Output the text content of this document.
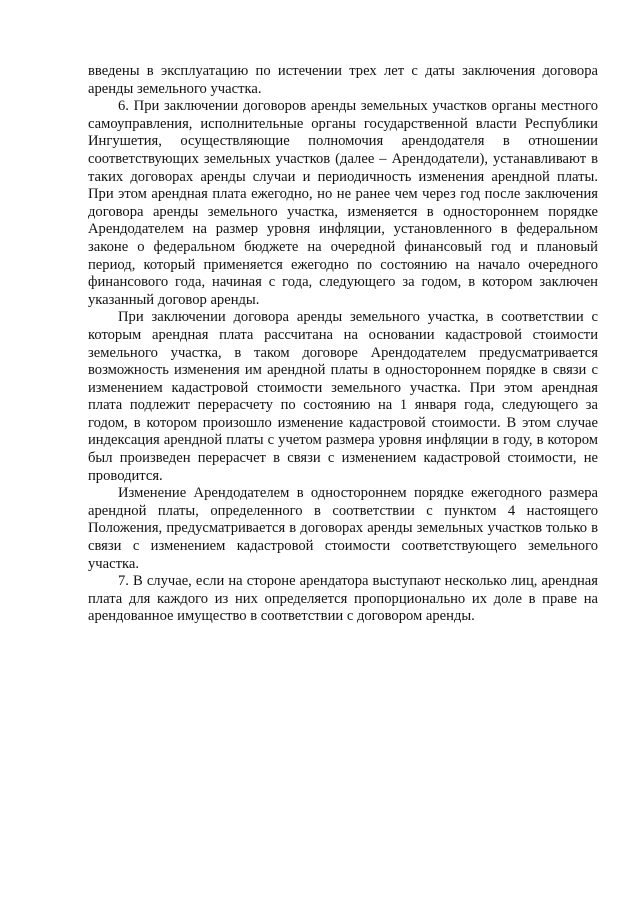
введены в эксплуатацию по истечении трех лет с даты заключения договора аренды земельного участка.

6. При заключении договоров аренды земельных участков органы местного самоуправления, исполнительные органы государственной власти Республики Ингушетия, осуществляющие полномочия арендодателя в отношении соответствующих земельных участков (далее – Арендодатели), устанавливают в таких договорах аренды случаи и периодичность изменения арендной платы. При этом арендная плата ежегодно, но не ранее чем через год после заключения договора аренды земельного участка, изменяется в одностороннем порядке Арендодателем на размер уровня инфляции, установленного в федеральном законе о федеральном бюджете на очередной финансовый год и плановый период, который применяется ежегодно по состоянию на начало очередного финансового года, начиная с года, следующего за годом, в котором заключен указанный договор аренды.

При заключении договора аренды земельного участка, в соответствии с которым арендная плата рассчитана на основании кадастровой стоимости земельного участка, в таком договоре Арендодателем предусматривается возможность изменения им арендной платы в одностороннем порядке в связи с изменением кадастровой стоимости земельного участка. При этом арендная плата подлежит перерасчету по состоянию на 1 января года, следующего за годом, в котором произошло изменение кадастровой стоимости. В этом случае индексация арендной платы с учетом размера уровня инфляции в году, в котором был произведен перерасчет в связи с изменением кадастровой стоимости, не проводится.

Изменение Арендодателем в одностороннем порядке ежегодного размера арендной платы, определенного в соответствии с пунктом 4 настоящего Положения, предусматривается в договорах аренды земельных участков только в связи с изменением кадастровой стоимости соответствующего земельного участка.

7. В случае, если на стороне арендатора выступают несколько лиц, арендная плата для каждого из них определяется пропорционально их доле в праве на арендованное имущество в соответствии с договором аренды.
